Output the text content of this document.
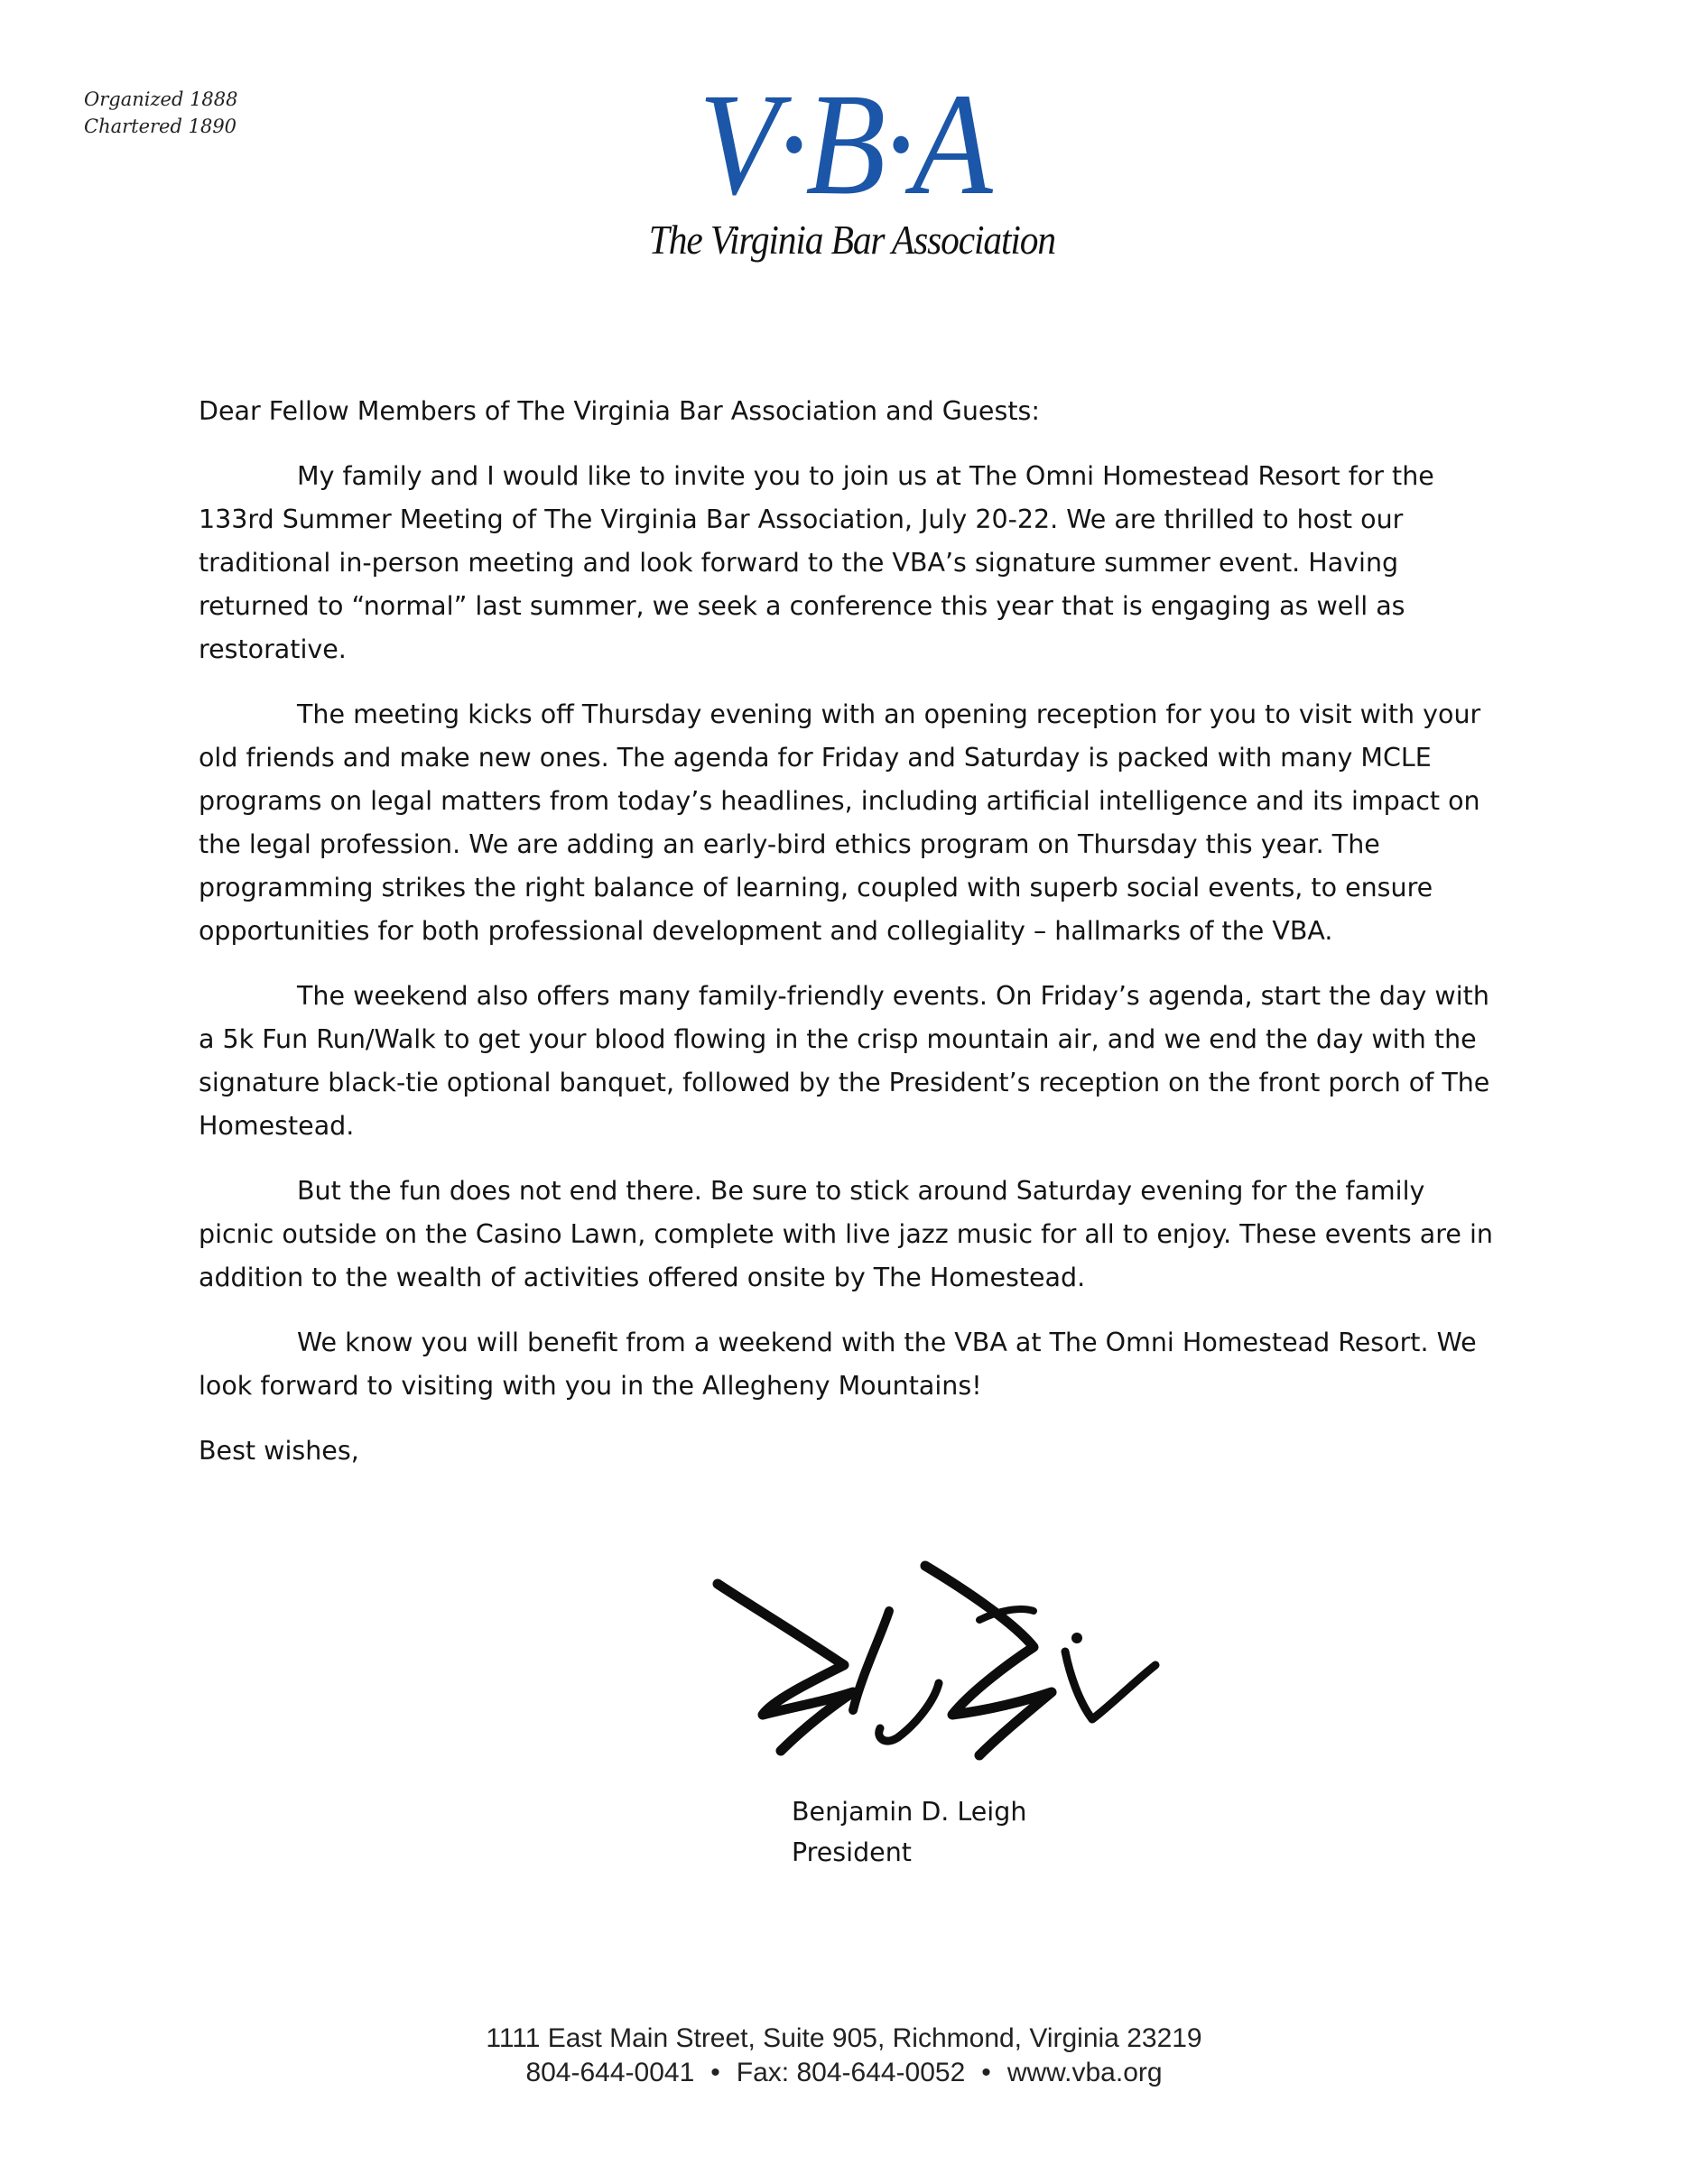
Organized 1888
Chartered 1890	V·B·A
The Virginia Bar Association

Dear Fellow Members of The Virginia Bar Association and Guests:

My family and I would like to invite you to join us at The Omni Homestead Resort for the 133rd Summer Meeting of The Virginia Bar Association, July 20-22. We are thrilled to host our traditional in-person meeting and look forward to the VBA’s signature summer event. Having returned to “normal” last summer, we seek a conference this year that is engaging as well as restorative.

The meeting kicks off Thursday evening with an opening reception for you to visit with your old friends and make new ones. The agenda for Friday and Saturday is packed with many MCLE programs on legal matters from today’s headlines, including artificial intelligence and its impact on the legal profession. We are adding an early-bird ethics program on Thursday this year. The programming strikes the right balance of learning, coupled with superb social events, to ensure opportunities for both professional development and collegiality – hallmarks of the VBA.

The weekend also offers many family-friendly events. On Friday’s agenda, start the day with a 5k Fun Run/Walk to get your blood flowing in the crisp mountain air, and we end the day with the signature black-tie optional banquet, followed by the President’s reception on the front porch of The Homestead.

But the fun does not end there. Be sure to stick around Saturday evening for the family picnic outside on the Casino Lawn, complete with live jazz music for all to enjoy. These events are in addition to the wealth of activities offered onsite by The Homestead.

We know you will benefit from a weekend with the VBA at The Omni Homestead Resort. We look forward to visiting with you in the Allegheny Mountains!

Best wishes,

Benjamin D. Leigh
President
1111 East Main Street, Suite 905, Richmond, Virginia 23219
804-644-0041 • Fax: 804-644-0052 • www.vba.org
